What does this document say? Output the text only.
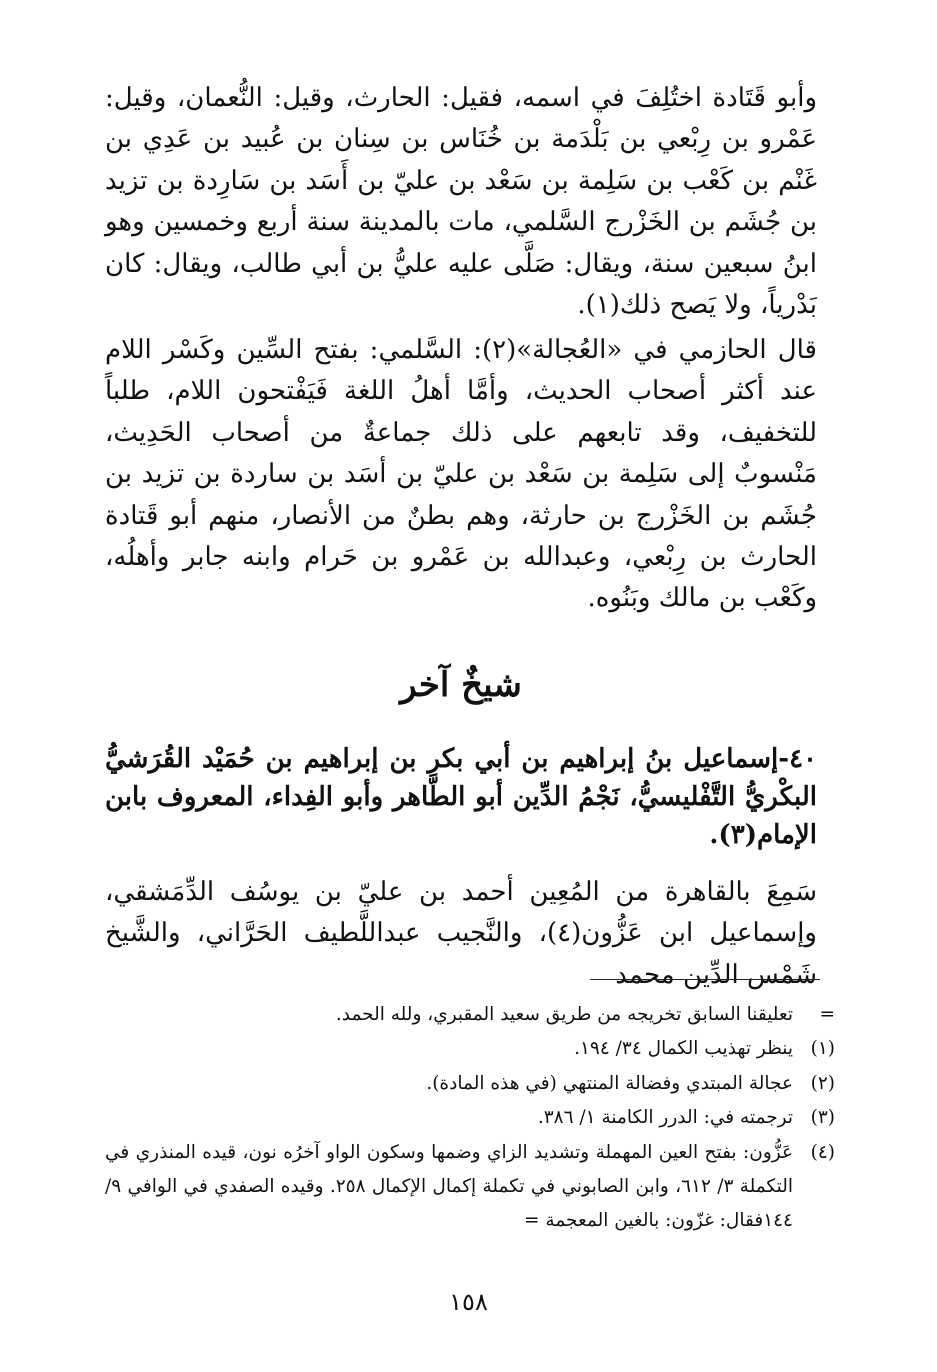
وأبو قَتَادة اختُلِفَ في اسمه، فقيل: الحارث، وقيل: النُّعمان، وقيل: عَمْرو بن رِبْعي بن بَلْدَمة بن خُنَاس بن سِنان بن عُبيد بن عَدِي بن غَنْم بن كَعْب بن سَلِمة بن سَعْد بن عليّ بن أَسَد بن سَارِدة بن تزيد بن جُشَم بن الخَزْرج السَّلمي، مات بالمدينة سنة أربع وخمسين وهو ابنُ سبعين سنة، ويقال: صَلَّى عليه عليُّ بن أبي طالب، ويقال: كان بَدْرياً، ولا يَصح ذلك(١).

قال الحازمي في «العُجالة»(٢): السَّلمي: بفتح السِّين وكَسْر اللام عند أكثر أصحاب الحديث، وأمَّا أهلُ اللغة فَيَفْتحون اللام، طلباً للتخفيف، وقد تابعهم على ذلك جماعةٌ من أصحاب الحَدِيث، مَنْسوبٌ إلى سَلِمة بن سَعْد بن عليّ بن أسَد بن ساردة بن تزيد بن جُشَم بن الخَزْرج بن حارثة، وهم بطنٌ من الأنصار، منهم أبو قَتادة الحارث بن رِبْعي، وعبدالله بن عَمْرو بن حَرام وابنه جابر وأهلُه، وكَعْب بن مالك وبَنُوه.

شيخٌ آخر
٤٠-إسماعيل بنُ إبراهيم بن أبي بكر بن إبراهيم بن حُمَيْد القُرَشيُّ البكْريُّ التَّفْليسيُّ، نَجْمُ الدِّين أبو الطَّاهر وأبو الفِداء، المعروف بابن الإمام(٣).

سَمِعَ بالقاهرة من المُعِين أحمد بن عليّ بن يوسُف الدِّمَشقي، وإسماعيل ابن عَزُّون(٤)، والنَّجيب عبداللَّطيف الحَرَّاني، والشَّيخ شَمْس الدِّين محمد

=
تعليقنا السابق تخريجه من طريق سعيد المقبري، ولله الحمد.
(١)
ينظر تهذيب الكمال ٣٤/ ١٩٤.
(٢)
عجالة المبتدي وفضالة المنتهي (في هذه المادة).
(٣)
ترجمته في: الدرر الكامنة ١/ ٣٨٦.
(٤)
عَزُّون: بفتح العين المهملة وتشديد الزاي وضمها وسكون الواو آخرُه نون، قيده المنذري في التكملة ٣/ ٦١٢، وابن الصابوني في تكملة إكمال الإكمال ٢٥٨. وقيده الصفدي في الوافي ٩/ ١٤٤فقال: غزّون: بالغين المعجمة =
١٥٨
